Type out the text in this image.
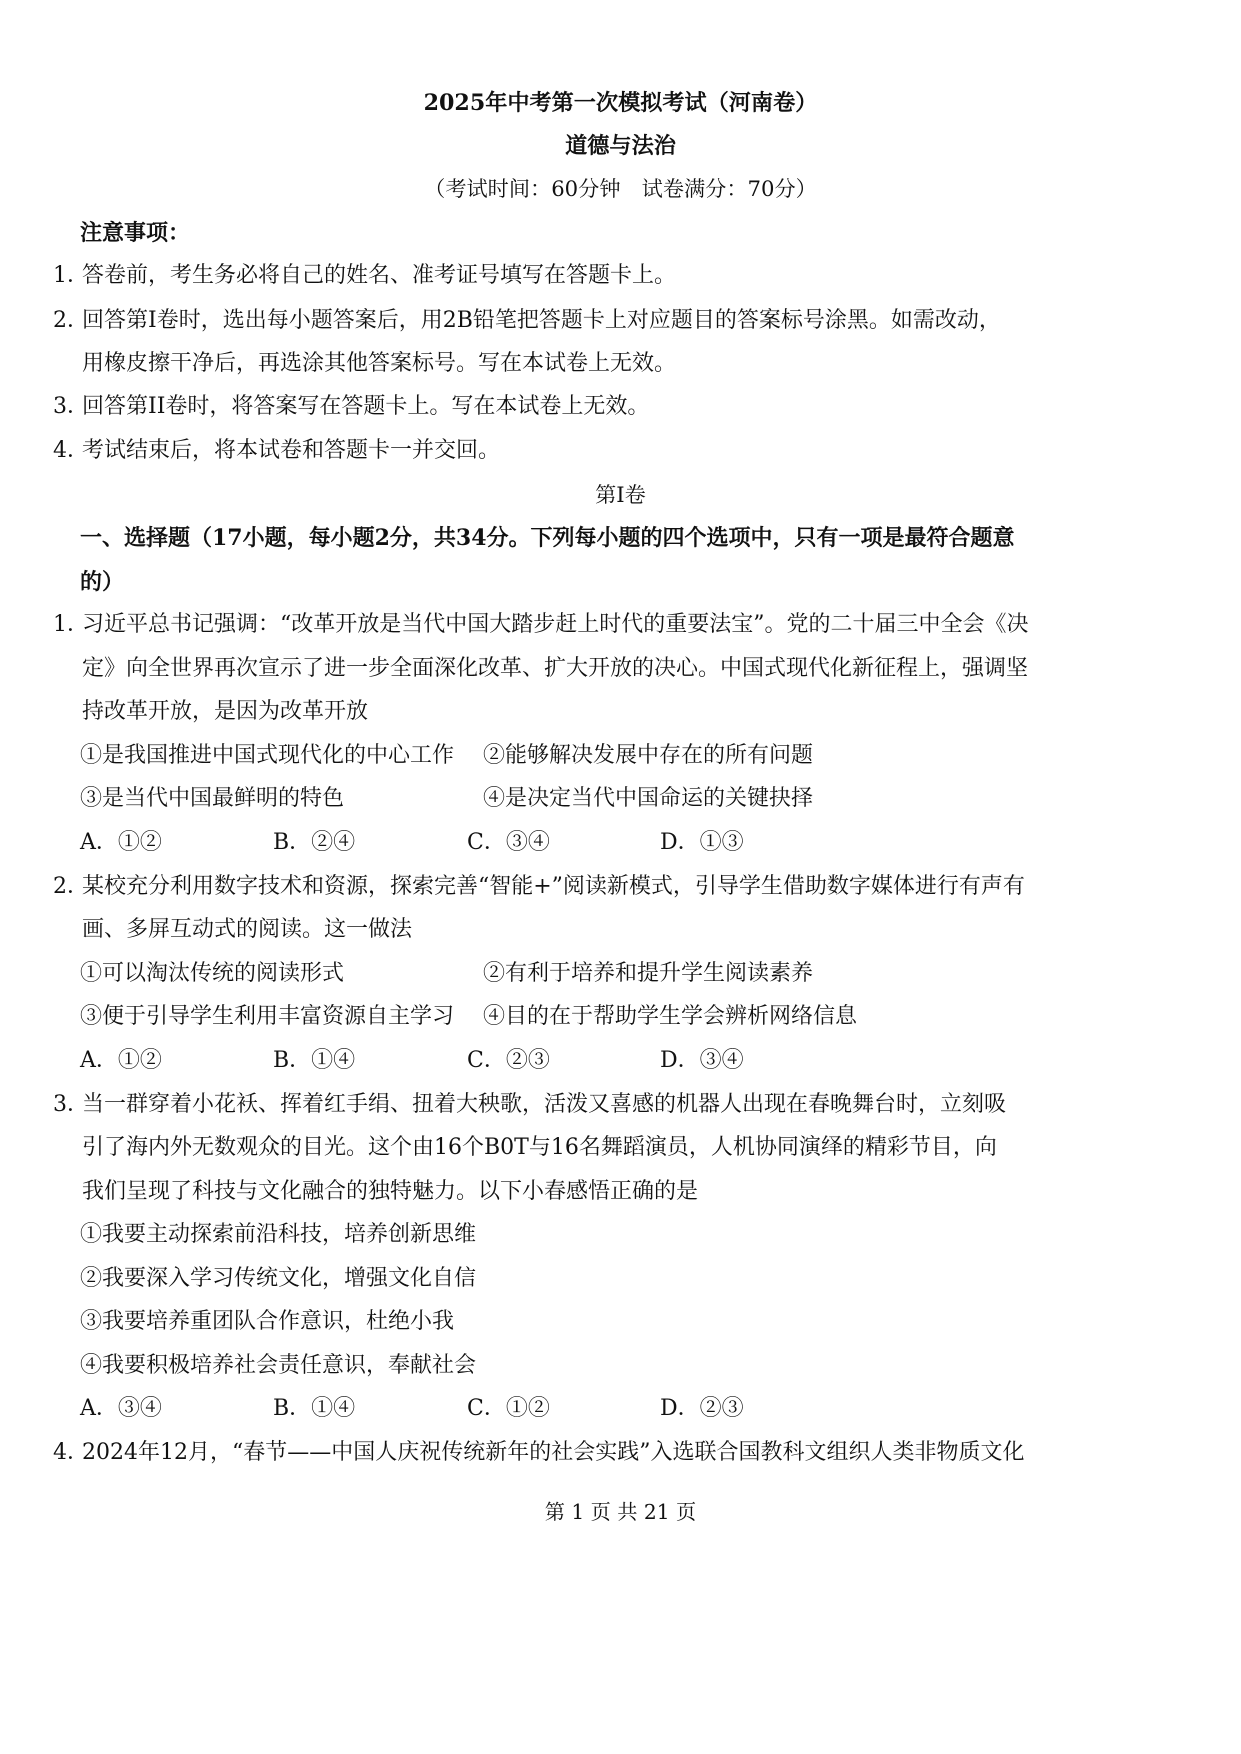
2025年中考第一次模拟考试（河南卷）
道德与法治
（考试时间：60分钟　试卷满分：70分）
注意事项：
1．
答卷前，考生务必将自己的姓名、准考证号填写在答题卡上。
2．
回答第I卷时，选出每小题答案后，用2B铅笔把答题卡上对应题目的答案标号涂黑。如需改动，
用橡皮擦干净后，再选涂其他答案标号。写在本试卷上无效。
3．
回答第II卷时，将答案写在答题卡上。写在本试卷上无效。
4．
考试结束后，将本试卷和答题卡一并交回。
第I卷
一、选择题（17小题，每小题2分，共34分。下列每小题的四个选项中，只有一项是最符合题意
的）
1．
习近平总书记强调：“改革开放是当代中国大踏步赶上时代的重要法宝”。党的二十届三中全会《决
定》向全世界再次宣示了进一步全面深化改革、扩大开放的决心。中国式现代化新征程上，强调坚
持改革开放，是因为改革开放
①是我国推进中国式现代化的中心工作 ②能够解决发展中存在的所有问题
③是当代中国最鲜明的特色	④是决定当代中国命运的关键抉择
A．①②	B．②④	C．③④	D．①③
2．
某校充分利用数字技术和资源，探索完善“智能+”阅读新模式，引导学生借助数字媒体进行有声有
画、多屏互动式的阅读。这一做法
①可以淘汰传统的阅读形式	②有利于培养和提升学生阅读素养
③便于引导学生利用丰富资源自主学习 ④目的在于帮助学生学会辨析网络信息
A．①②	B．①④	C．②③	D．③④
3．
当一群穿着小花袄、挥着红手绢、扭着大秧歌，活泼又喜感的机器人出现在春晚舞台时，立刻吸
引了海内外无数观众的目光。这个由16个B0T与16名舞蹈演员，人机协同演绎的精彩节目，向
我们呈现了科技与文化融合的独特魅力。以下小春感悟正确的是
①我要主动探索前沿科技，培养创新思维
②我要深入学习传统文化，增强文化自信
③我要培养重团队合作意识，杜绝小我
④我要积极培养社会责任意识，奉献社会
A．③④	B．①④	C．①②	D．②③
4．
2024年12月，“春节——中国人庆祝传统新年的社会实践”入选联合国教科文组织人类非物质文化
第 1 页 共 21 页
